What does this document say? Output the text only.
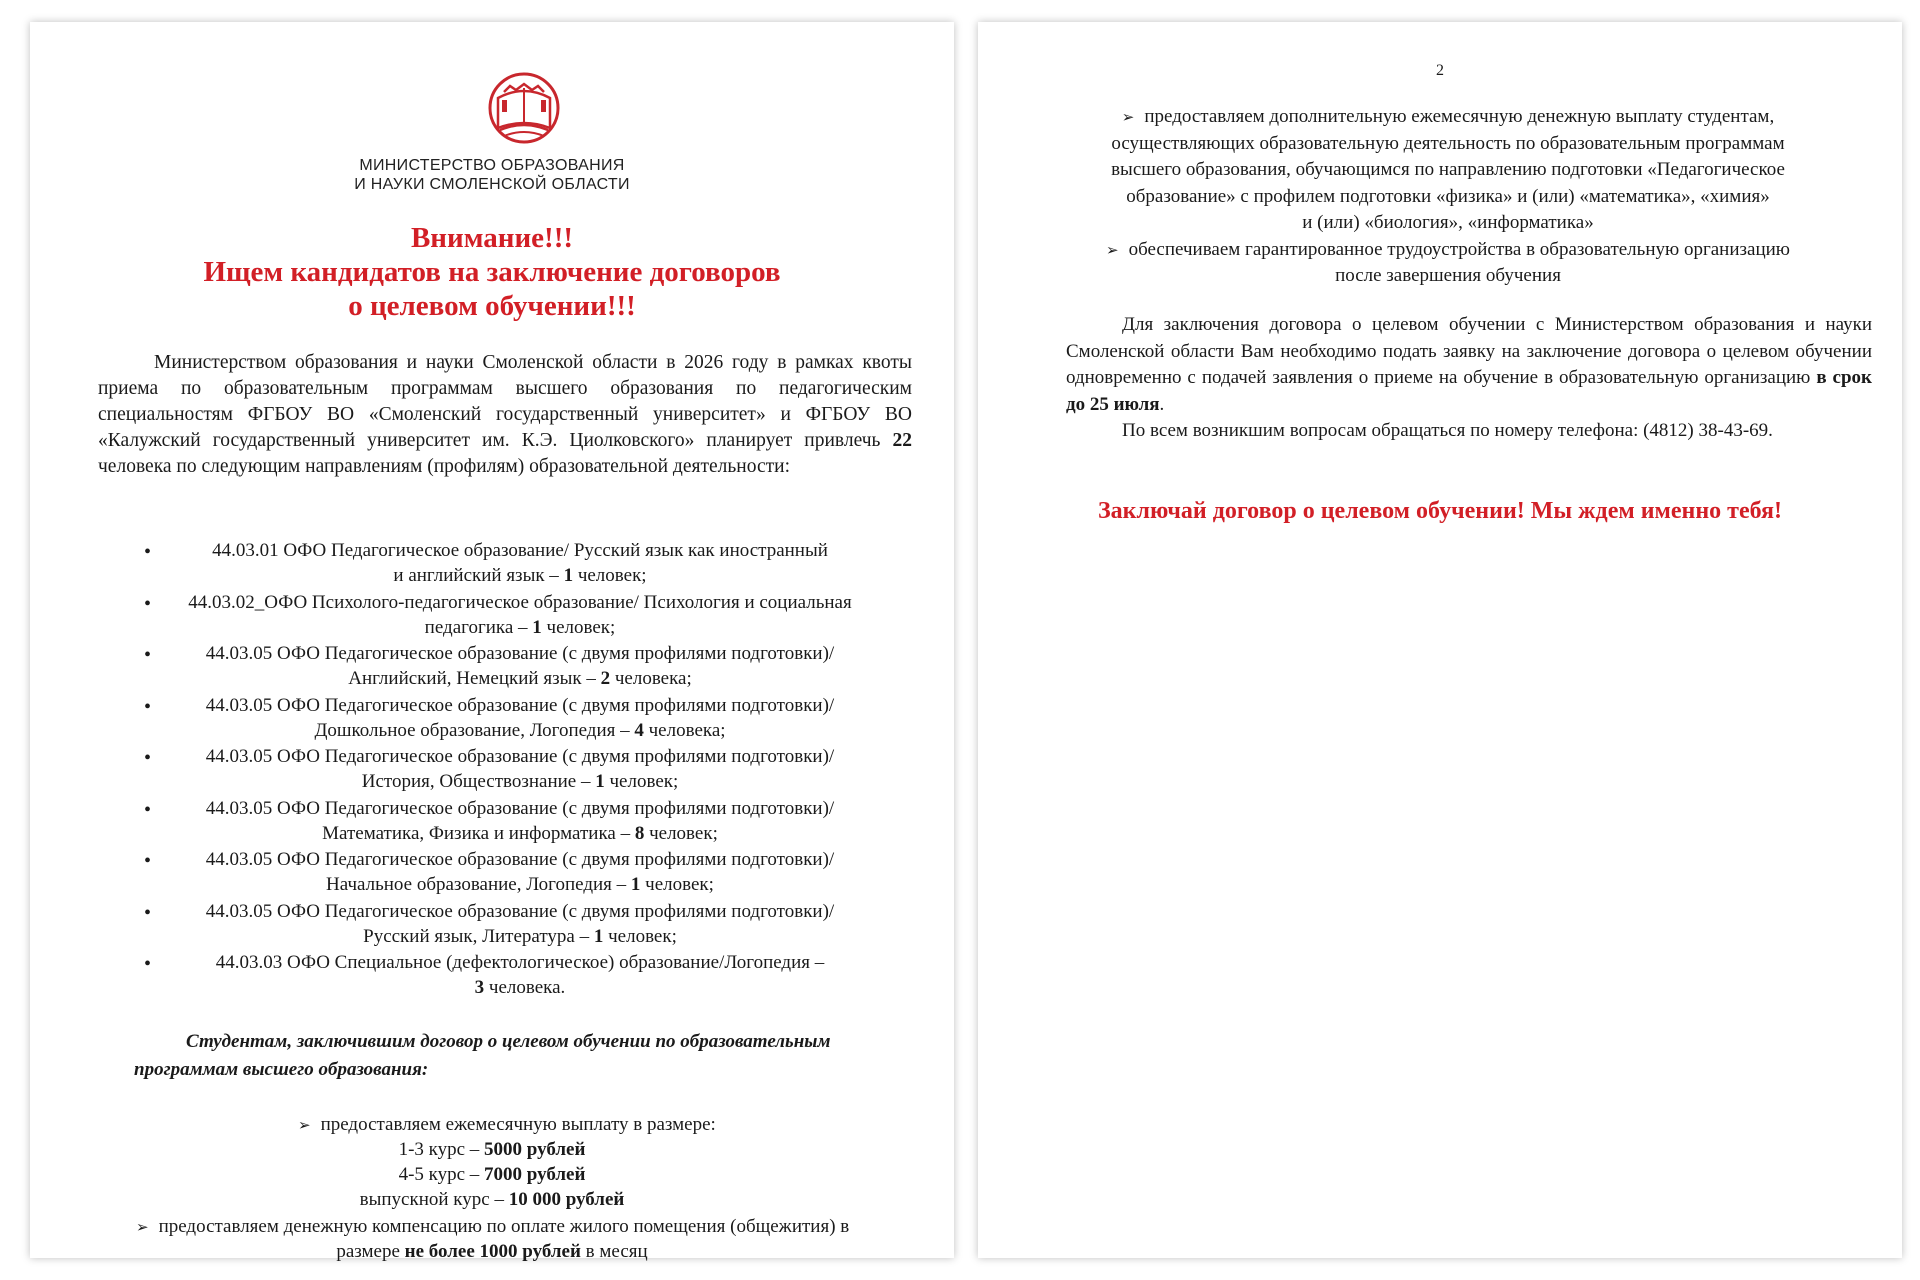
МИНИСТЕРСТВО ОБРАЗОВАНИЯ
И НАУКИ СМОЛЕНСКОЙ ОБЛАСТИ
Внимание!!!
Ищем кандидатов на заключение договоров
о целевом обучении!!!

Министерством образования и науки Смоленской области в 2026 году в рамках квоты приема по образовательным программам высшего образования по педагогическим специальностям ФГБОУ ВО «Смоленский государственный университет» и ФГБОУ ВО «Калужский государственный университет им. К.Э. Циолковского» планирует привлечь 22 человека по следующим направлениям (профилям) образовательной деятельности:

• 44.03.01 ОФО Педагогическое образование/ Русский язык как иностранный
и английский язык – 1 человек;
• 44.03.02_ОФО Психолого-педагогическое образование/ Психология и социальная
педагогика – 1 человек;
• 44.03.05 ОФО Педагогическое образование (с двумя профилями подготовки)/
Английский, Немецкий язык – 2 человека;
• 44.03.05 ОФО Педагогическое образование (с двумя профилями подготовки)/
Дошкольное образование, Логопедия – 4 человека;
• 44.03.05 ОФО Педагогическое образование (с двумя профилями подготовки)/
История, Обществознание – 1 человек;
• 44.03.05 ОФО Педагогическое образование (с двумя профилями подготовки)/
Математика, Физика и информатика – 8 человек;
• 44.03.05 ОФО Педагогическое образование (с двумя профилями подготовки)/
Начальное образование, Логопедия – 1 человек;
• 44.03.05 ОФО Педагогическое образование (с двумя профилями подготовки)/
Русский язык, Литература – 1 человек;
• 44.03.03 ОФО Специальное (дефектологическое) образование/Логопедия –
3 человека.
Студентам, заключившим договор о целевом обучении по образовательным программам высшего образования:
➢ предоставляем ежемесячную выплату в размере:
1-3 курс – 5000 рублей
4-5 курс – 7000 рублей
выпускной курс – 10 000 рублей
➢ предоставляем денежную компенсацию по оплате жилого помещения (общежития) в
размере не более 1000 рублей в месяц
2
➢ предоставляем дополнительную ежемесячную денежную выплату студентам,
осуществляющих образовательную деятельность по образовательным программам
высшего образования, обучающимся по направлению подготовки «Педагогическое
образование» с профилем подготовки «физика» и (или) «математика», «химия»
и (или) «биология», «информатика»
➢ обеспечиваем гарантированное трудоустройства в образовательную организацию
после завершения обучения

Для заключения договора о целевом обучении с Министерством образования и науки Смоленской области Вам необходимо подать заявку на заключение договора о целевом обучении одновременно с подачей заявления о приеме на обучение в образовательную организацию в срок до 25 июля.

По всем возникшим вопросам обращаться по номеру телефона: (4812) 38-43-69.

Заключай договор о целевом обучении! Мы ждем именно тебя!
